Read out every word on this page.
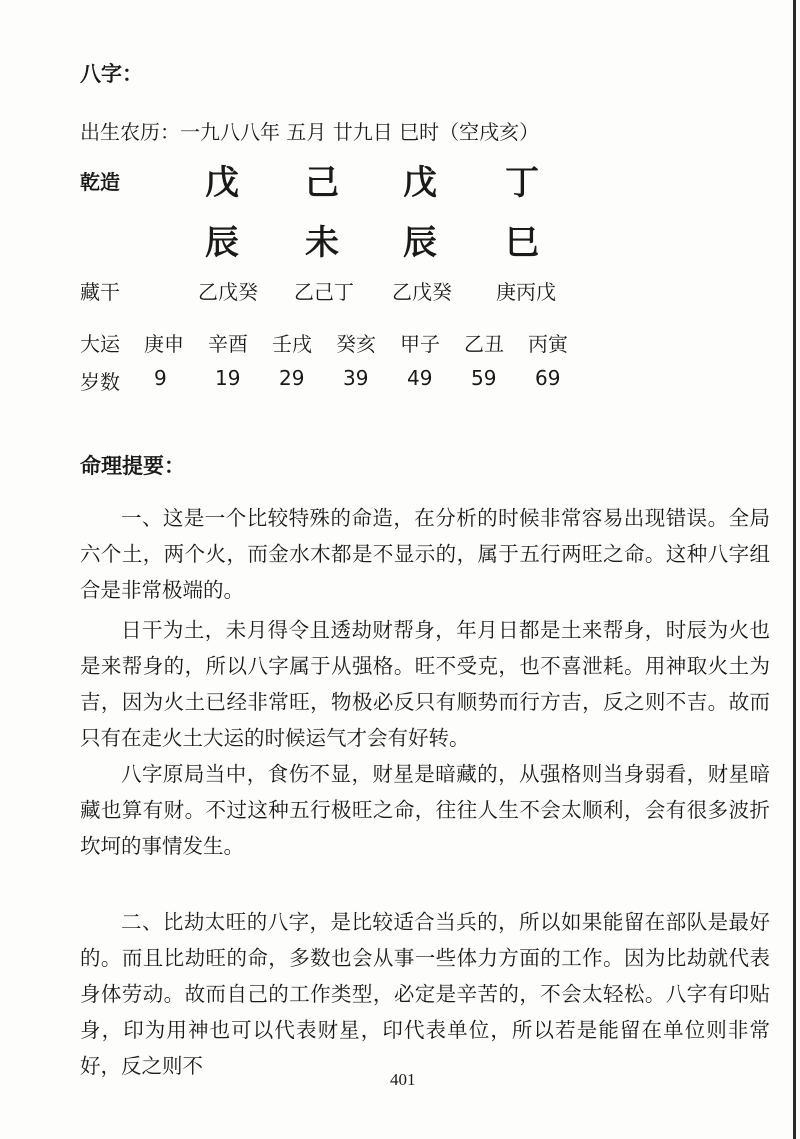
八字：
出生农历：一九八八年 五月 廿九日 巳时（空戌亥）
乾造	戊 己 戊 丁
辰 未 辰 巳
藏干	乙戊癸 乙己丁 乙戊癸 庚丙戊
大运 庚申 辛酉 壬戌 癸亥 甲子 乙丑 丙寅
岁数 9 19 29 39 49 59 69
命理提要：

一、这是一个比较特殊的命造，在分析的时候非常容易出现错误。全局六个土，两个火，而金水木都是不显示的，属于五行两旺之命。这种八字组合是非常极端的。

日干为土，未月得令且透劫财帮身，年月日都是土来帮身，时辰为火也是来帮身的，所以八字属于从强格。旺不受克，也不喜泄耗。用神取火土为吉，因为火土已经非常旺，物极必反只有顺势而行方吉，反之则不吉。故而只有在走火土大运的时候运气才会有好转。

八字原局当中，食伤不显，财星是暗藏的，从强格则当身弱看，财星暗藏也算有财。不过这种五行极旺之命，往往人生不会太顺利，会有很多波折坎坷的事情发生。

二、比劫太旺的八字，是比较适合当兵的，所以如果能留在部队是最好的。而且比劫旺的命，多数也会从事一些体力方面的工作。因为比劫就代表身体劳动。故而自己的工作类型，必定是辛苦的，不会太轻松。八字有印贴身，印为用神也可以代表财星，印代表单位，所以若是能留在单位则非常好，反之则不

401
